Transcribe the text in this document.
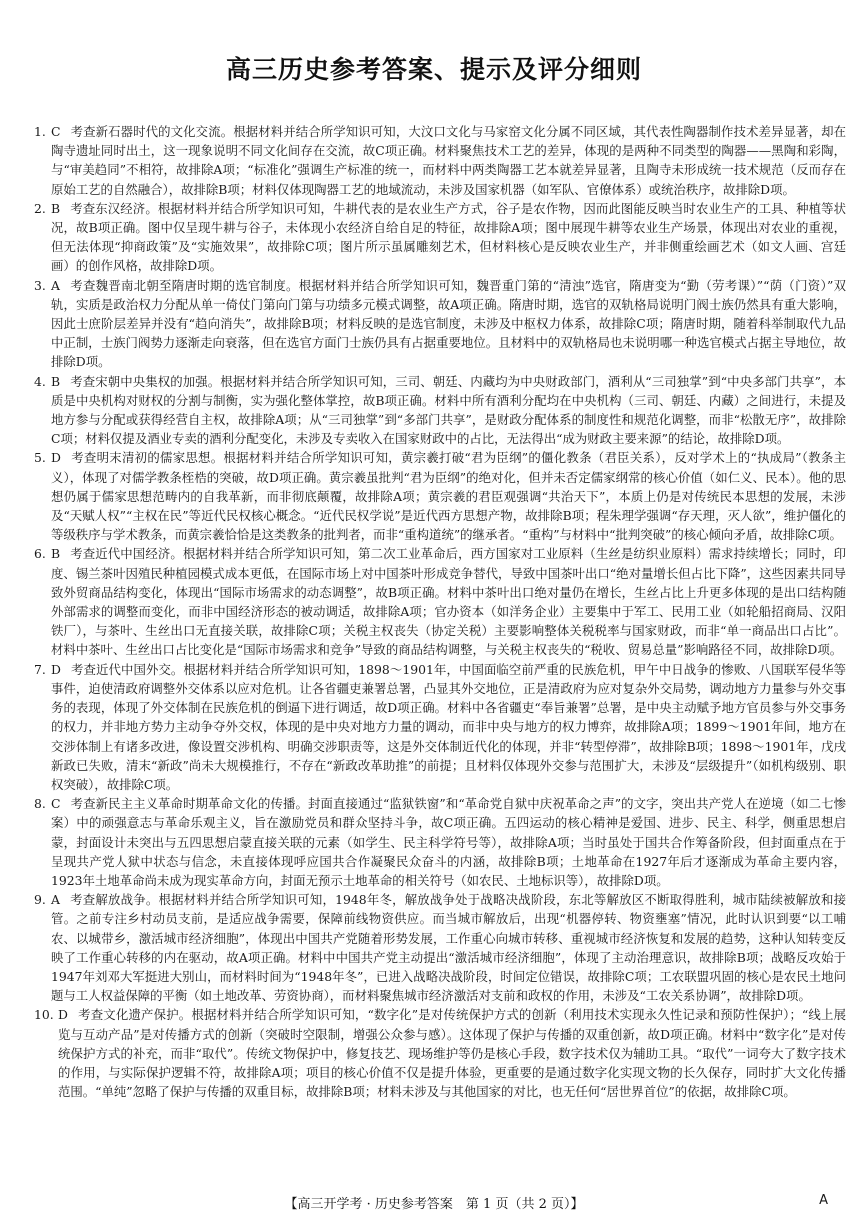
高三历史参考答案、提示及评分细则
1. C 考查新石器时代的文化交流。根据材料并结合所学知识可知，大汶口文化与马家窑文化分属不同区域，其代表性陶器制作技术差异显著，却在陶寺遗址同时出土，这一现象说明不同文化间存在交流，故C项正确。材料聚焦技术工艺的差异，体现的是两种不同类型的陶器——黑陶和彩陶，与“审美趋同”不相符，故排除A项；“标准化”强调生产标准的统一，而材料中两类陶器工艺本就差异显著，且陶寺未形成统一技术规范（反而存在原始工艺的自然融合），故排除B项；材料仅体现陶器工艺的地域流动，未涉及国家机器（如军队、官僚体系）或统治秩序，故排除D项。
2. B 考查东汉经济。根据材料并结合所学知识可知，牛耕代表的是农业生产方式，谷子是农作物，因而此图能反映当时农业生产的工具、种植等状况，故B项正确。图中仅呈现牛耕与谷子，未体现小农经济自给自足的特征，故排除A项；图中展现牛耕等农业生产场景，体现出对农业的重视，但无法体现“抑商政策”及“实施效果”，故排除C项；图片所示虽属雕刻艺术，但材料核心是反映农业生产，并非侧重绘画艺术（如文人画、宫廷画）的创作风格，故排除D项。
3. A 考查魏晋南北朝至隋唐时期的选官制度。根据材料并结合所学知识可知，魏晋重门第的“清浊”选官，隋唐变为“勤（劳考课）”“荫（门资）”双轨，实质是政治权力分配从单一倚仗门第向门第与功绩多元模式调整，故A项正确。隋唐时期，选官的双轨格局说明门阀士族仍然具有重大影响，因此士庶阶层差异并没有“趋向消失”，故排除B项；材料反映的是选官制度，未涉及中枢权力体系，故排除C项；隋唐时期，随着科举制取代九品中正制，士族门阀势力逐渐走向衰落，但在选官方面门士族仍具有占据重要地位。且材料中的双轨格局也未说明哪一种选官模式占据主导地位，故排除D项。
4. B 考查宋朝中央集权的加强。根据材料并结合所学知识可知，三司、朝廷、内藏均为中央财政部门，酒利从“三司独掌”到“中央多部门共享”，本质是中央机构对财权的分割与制衡，实为强化整体掌控，故B项正确。材料中所有酒利分配均在中央机构（三司、朝廷、内藏）之间进行，未提及地方参与分配或获得经营自主权，故排除A项；从“三司独掌”到“多部门共享”，是财政分配体系的制度性和规范化调整，而非“松散无序”，故排除C项；材料仅提及酒业专卖的酒利分配变化，未涉及专卖收入在国家财政中的占比，无法得出“成为财政主要来源”的结论，故排除D项。
5. D 考查明末清初的儒家思想。根据材料并结合所学知识可知，黄宗羲打破“君为臣纲”的僵化教条（君臣关系），反对学术上的“执成局”（教条主义），体现了对儒学教条桎梏的突破，故D项正确。黄宗羲虽批判“君为臣纲”的绝对化，但并未否定儒家纲常的核心价值（如仁义、民本）。他的思想仍属于儒家思想范畴内的自我革新，而非彻底颠覆，故排除A项；黄宗羲的君臣观强调“共治天下”，本质上仍是对传统民本思想的发展，未涉及“天赋人权”“主权在民”等近代民权核心概念。“近代民权学说”是近代西方思想产物，故排除B项；程朱理学强调“存天理，灭人欲”，维护僵化的等级秩序与学术教条，而黄宗羲恰恰是这类教条的批判者，而非“重构道统”的继承者。“重构”与材料中“批判突破”的核心倾向矛盾，故排除C项。
6. B 考查近代中国经济。根据材料并结合所学知识可知，第二次工业革命后，西方国家对工业原料（生丝是纺织业原料）需求持续增长；同时，印度、锡兰茶叶因殖民种植园模式成本更低，在国际市场上对中国茶叶形成竞争替代，导致中国茶叶出口“绝对量增长但占比下降”，这些因素共同导致外贸商品结构变化，体现出“国际市场需求的动态调整”，故B项正确。材料中茶叶出口绝对量仍在增长，生丝占比上升更多体现的是出口结构随外部需求的调整而变化，而非中国经济形态的被动调适，故排除A项；官办资本（如洋务企业）主要集中于军工、民用工业（如轮船招商局、汉阳铁厂），与茶叶、生丝出口无直接关联，故排除C项；关税主权丧失（协定关税）主要影响整体关税税率与国家财政，而非“单一商品出口占比”。材料中茶叶、生丝出口占比变化是“国际市场需求和竞争”导致的商品结构调整，与关税主权丧失的“税收、贸易总量”影响路径不同，故排除D项。
7. D 考查近代中国外交。根据材料并结合所学知识可知，1898～1901年，中国面临空前严重的民族危机，甲午中日战争的惨败、八国联军侵华等事件，迫使清政府调整外交体系以应对危机。让各省疆吏兼署总署，凸显其外交地位，正是清政府为应对复杂外交局势，调动地方力量参与外交事务的表现，体现了外交体制在民族危机的倒逼下进行调适，故D项正确。材料中各省疆吏“奉旨兼署”总署，是中央主动赋予地方官员参与外交事务的权力，并非地方势力主动争夺外交权，体现的是中央对地方力量的调动，而非中央与地方的权力博弈，故排除A项；1899～1901年间，地方在交涉体制上有诸多改进，像设置交涉机构、明确交涉职责等，这是外交体制近代化的体现，并非“转型停滞”，故排除B项；1898～1901年，戊戌新政已失败，清末“新政”尚未大规模推行，不存在“新政改革助推”的前提；且材料仅体现外交参与范围扩大，未涉及“层级提升”（如机构级别、职权突破），故排除C项。
8. C 考查新民主主义革命时期革命文化的传播。封面直接通过“监狱铁窗”和“革命党自狱中庆祝革命之声”的文字，突出共产党人在逆境（如二七惨案）中的顽强意志与革命乐观主义，旨在激励党员和群众坚持斗争，故C项正确。五四运动的核心精神是爱国、进步、民主、科学，侧重思想启蒙，封面设计未突出与五四思想启蒙直接关联的元素（如学生、民主科学符号等），故排除A项；当时虽处于国共合作筹备阶段，但封面重点在于呈现共产党人狱中状态与信念，未直接体现呼应国共合作凝聚民众奋斗的内涵，故排除B项；土地革命在1927年后才逐渐成为革命主要内容，1923年土地革命尚未成为现实革命方向，封面无预示土地革命的相关符号（如农民、土地标识等），故排除D项。
9. A 考查解放战争。根据材料并结合所学知识可知，1948年冬，解放战争处于战略决战阶段，东北等解放区不断取得胜利，城市陆续被解放和接管。之前专注乡村动员支前，是适应战争需要，保障前线物资供应。而当城市解放后，出现“机器停转、物资壅塞”情况，此时认识到要“以工哺农、以城带乡，激活城市经济细胞”，体现出中国共产党随着形势发展，工作重心向城市转移、重视城市经济恢复和发展的趋势，这种认知转变反映了工作重心转移的内在驱动，故A项正确。材料中中国共产党主动提出“激活城市经济细胞”，体现了主动治理意识，故排除B项；战略反攻始于1947年刘邓大军挺进大别山，而材料时间为“1948年冬”，已进入战略决战阶段，时间定位错误，故排除C项；工农联盟巩固的核心是农民土地问题与工人权益保障的平衡（如土地改革、劳资协商），而材料聚焦城市经济激活对支前和政权的作用，未涉及“工农关系协调”，故排除D项。
10. D 考查文化遗产保护。根据材料并结合所学知识可知，“数字化”是对传统保护方式的创新（利用技术实现永久性记录和预防性保护）；“线上展览与互动产品”是对传播方式的创新（突破时空限制，增强公众参与感）。这体现了保护与传播的双重创新，故D项正确。材料中“数字化”是对传统保护方式的补充，而非“取代”。传统文物保护中，修复技艺、现场维护等仍是核心手段，数字技术仅为辅助工具。“取代”一词夸大了数字技术的作用，与实际保护逻辑不符，故排除A项；项目的核心价值不仅是提升体验，更重要的是通过数字化实现文物的长久保存，同时扩大文化传播范围。“单纯”忽略了保护与传播的双重目标，故排除B项；材料未涉及与其他国家的对比，也无任何“居世界首位”的依据，故排除C项。
【高三开学考 · 历史参考答案　第 1 页（共 2 页）】	A
